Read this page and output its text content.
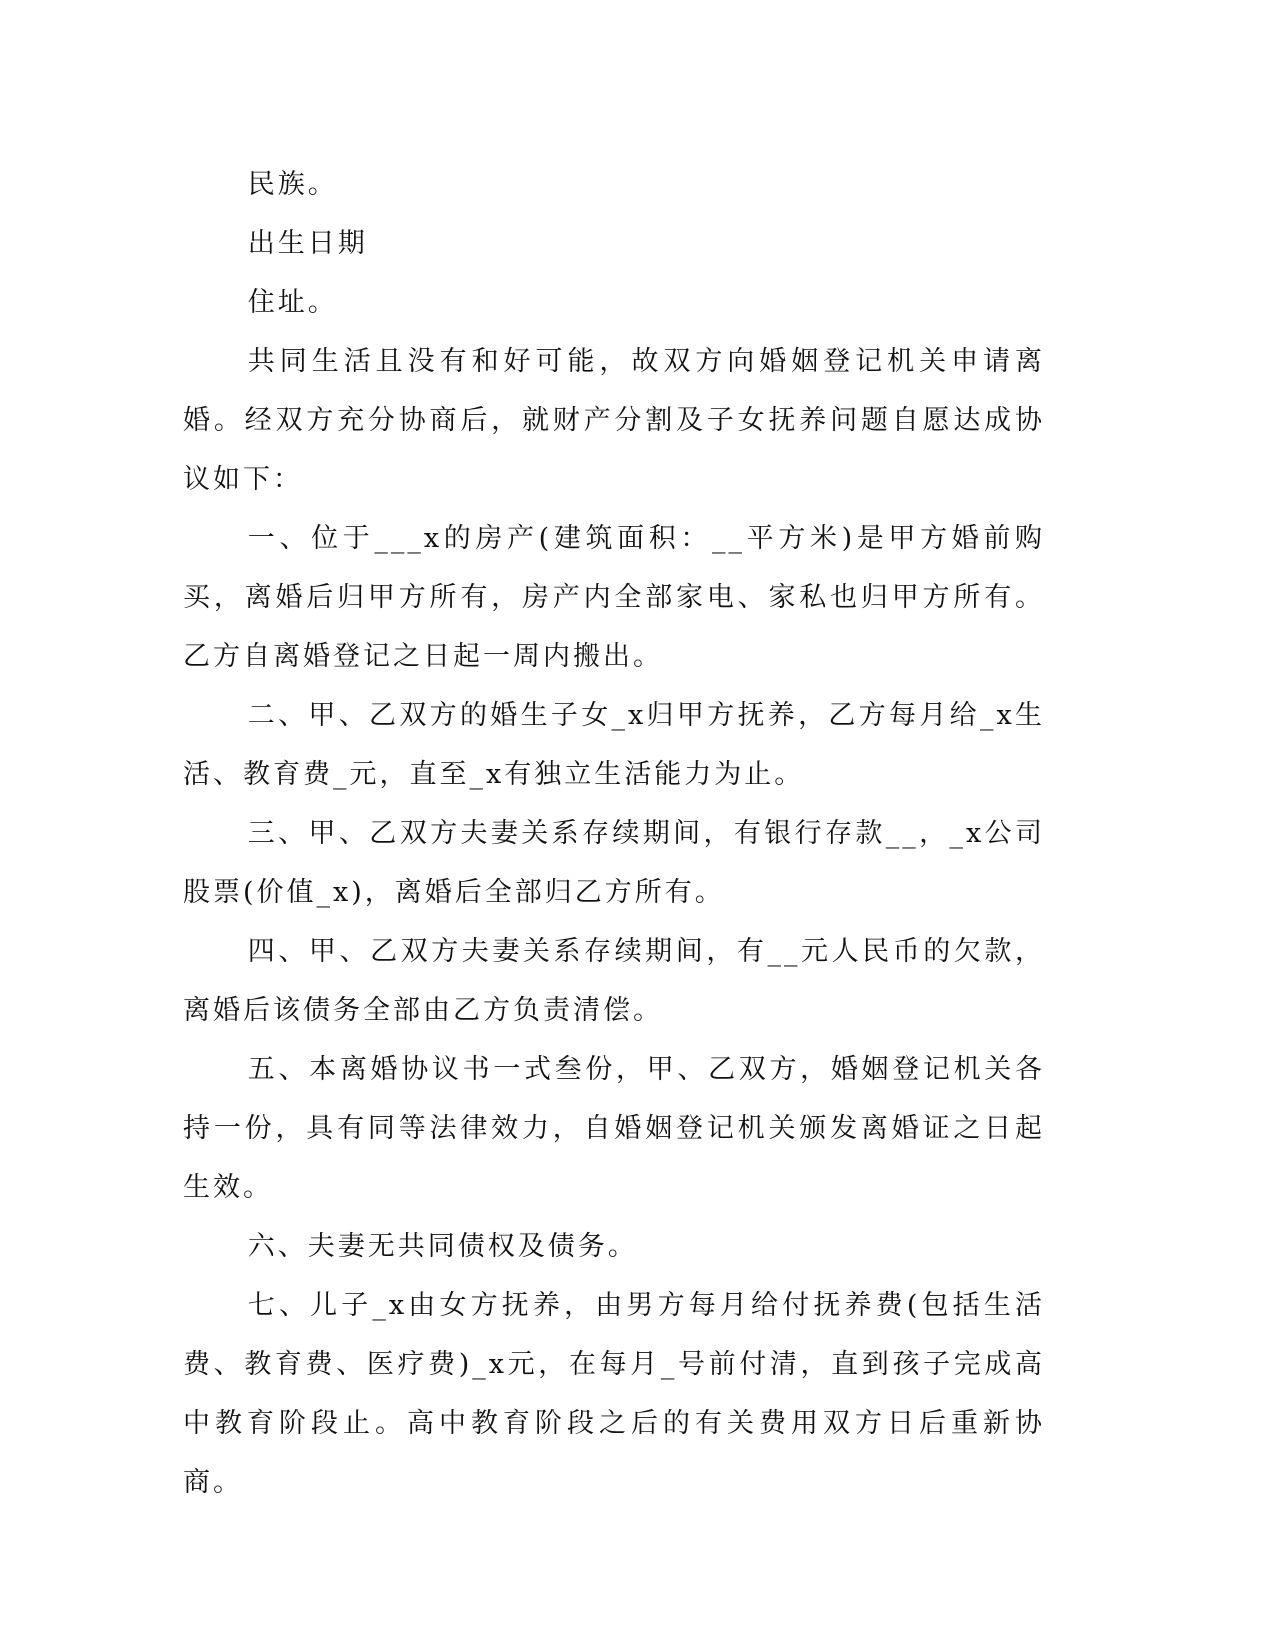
民族。

出生日期

住址。

共同生活且没有和好可能，故双方向婚姻登记机关申请离婚。经双方充分协商后，就财产分割及子女抚养问题自愿达成协议如下：

一、位于___x的房产(建筑面积：__平方米)是甲方婚前购买，离婚后归甲方所有，房产内全部家电、家私也归甲方所有。乙方自离婚登记之日起一周内搬出。

二、甲、乙双方的婚生子女_x归甲方抚养，乙方每月给_x生活、教育费_元，直至_x有独立生活能力为止。

三、甲、乙双方夫妻关系存续期间，有银行存款__，_x公司股票(价值_x)，离婚后全部归乙方所有。

四、甲、乙双方夫妻关系存续期间，有__元人民币的欠款，离婚后该债务全部由乙方负责清偿。

五、本离婚协议书一式叁份，甲、乙双方，婚姻登记机关各持一份，具有同等法律效力，自婚姻登记机关颁发离婚证之日起生效。

六、夫妻无共同债权及债务。

七、儿子_x由女方抚养，由男方每月给付抚养费(包括生活费、教育费、医疗费)_x元，在每月_号前付清，直到孩子完成高中教育阶段止。高中教育阶段之后的有关费用双方日后重新协商。
